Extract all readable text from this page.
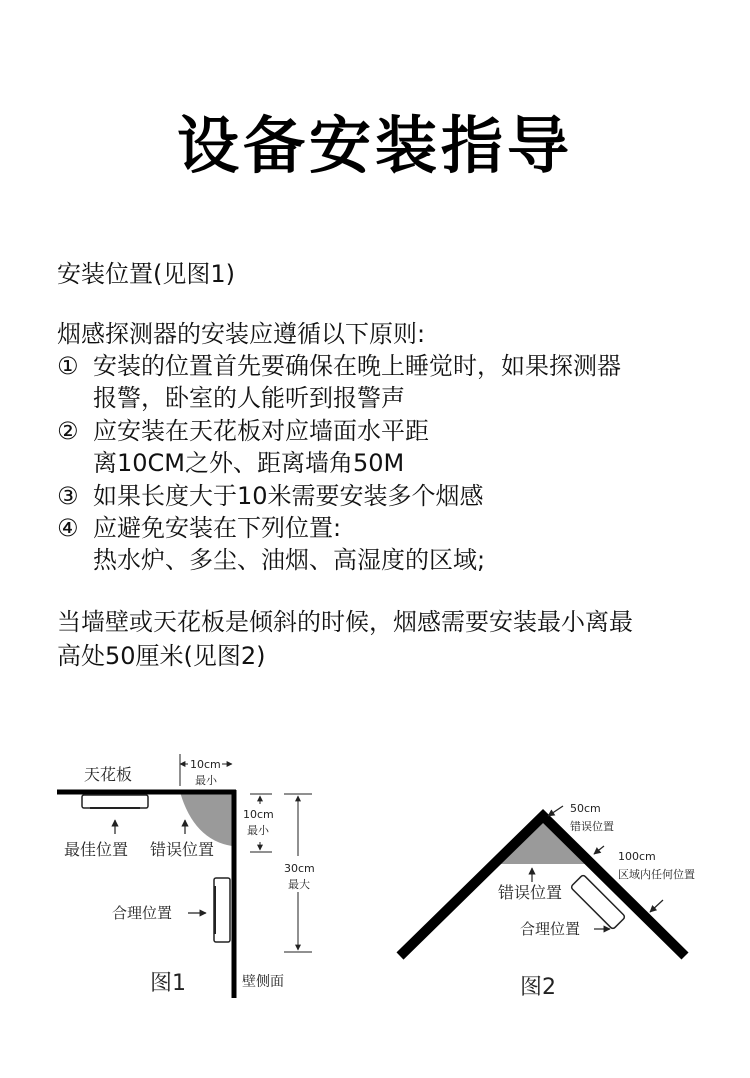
设备安装指导
安装位置(见图1)
烟感探测器的安装应遵循以下原则:
① 安装的位置首先要确保在晚上睡觉时，如果探测器
报警，卧室的人能听到报警声
② 应安装在天花板对应墙面水平距
离10CM之外、距离墙角50M
③ 如果长度大于10米需要安装多个烟感
④ 应避免安装在下列位置:
热水炉、多尘、油烟、高湿度的区域;
当墙壁或天花板是倾斜的时候，烟感需要安装最小离最
高处50厘米(见图2)
天花板
10cm
最小
最佳位置 错误位置
10cm
最小
30cm
最大
合理位置
图1	壁侧面
50cm
错误位置
100cm
区域内任何位置
错误位置
合理位置
图2
